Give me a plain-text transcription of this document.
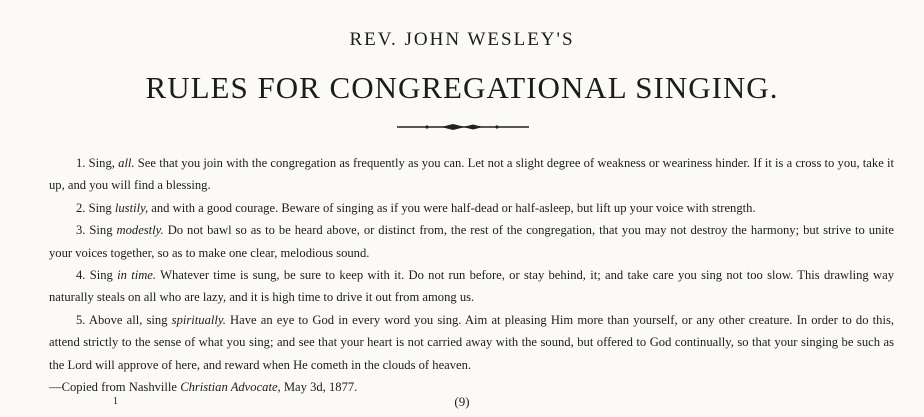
REV. JOHN WESLEY'S
RULES FOR CONGREGATIONAL SINGING.

1. Sing, all. See that you join with the congregation as frequently as you can. Let not a slight degree of weakness or weariness hinder. If it is a cross to you, take it up, and you will find a blessing.

2. Sing lustily, and with a good courage. Beware of singing as if you were half-dead or half-asleep, but lift up your voice with strength.

3. Sing modestly. Do not bawl so as to be heard above, or distinct from, the rest of the congregation, that you may not destroy the harmony; but strive to unite your voices together, so as to make one clear, melodious sound.

4. Sing in time. Whatever time is sung, be sure to keep with it. Do not run before, or stay behind, it; and take care you sing not too slow. This drawling way naturally steals on all who are lazy, and it is high time to drive it out from among us.

5. Above all, sing spiritually. Have an eye to God in every word you sing. Aim at pleasing Him more than yourself, or any other creature. In order to do this, attend strictly to the sense of what you sing; and see that your heart is not carried away with the sound, but offered to God continually, so that your singing be such as the Lord will approve of here, and reward when He cometh in the clouds of heaven.

—Copied from Nashville Christian Advocate, May 3d, 1877.

1	(9)
